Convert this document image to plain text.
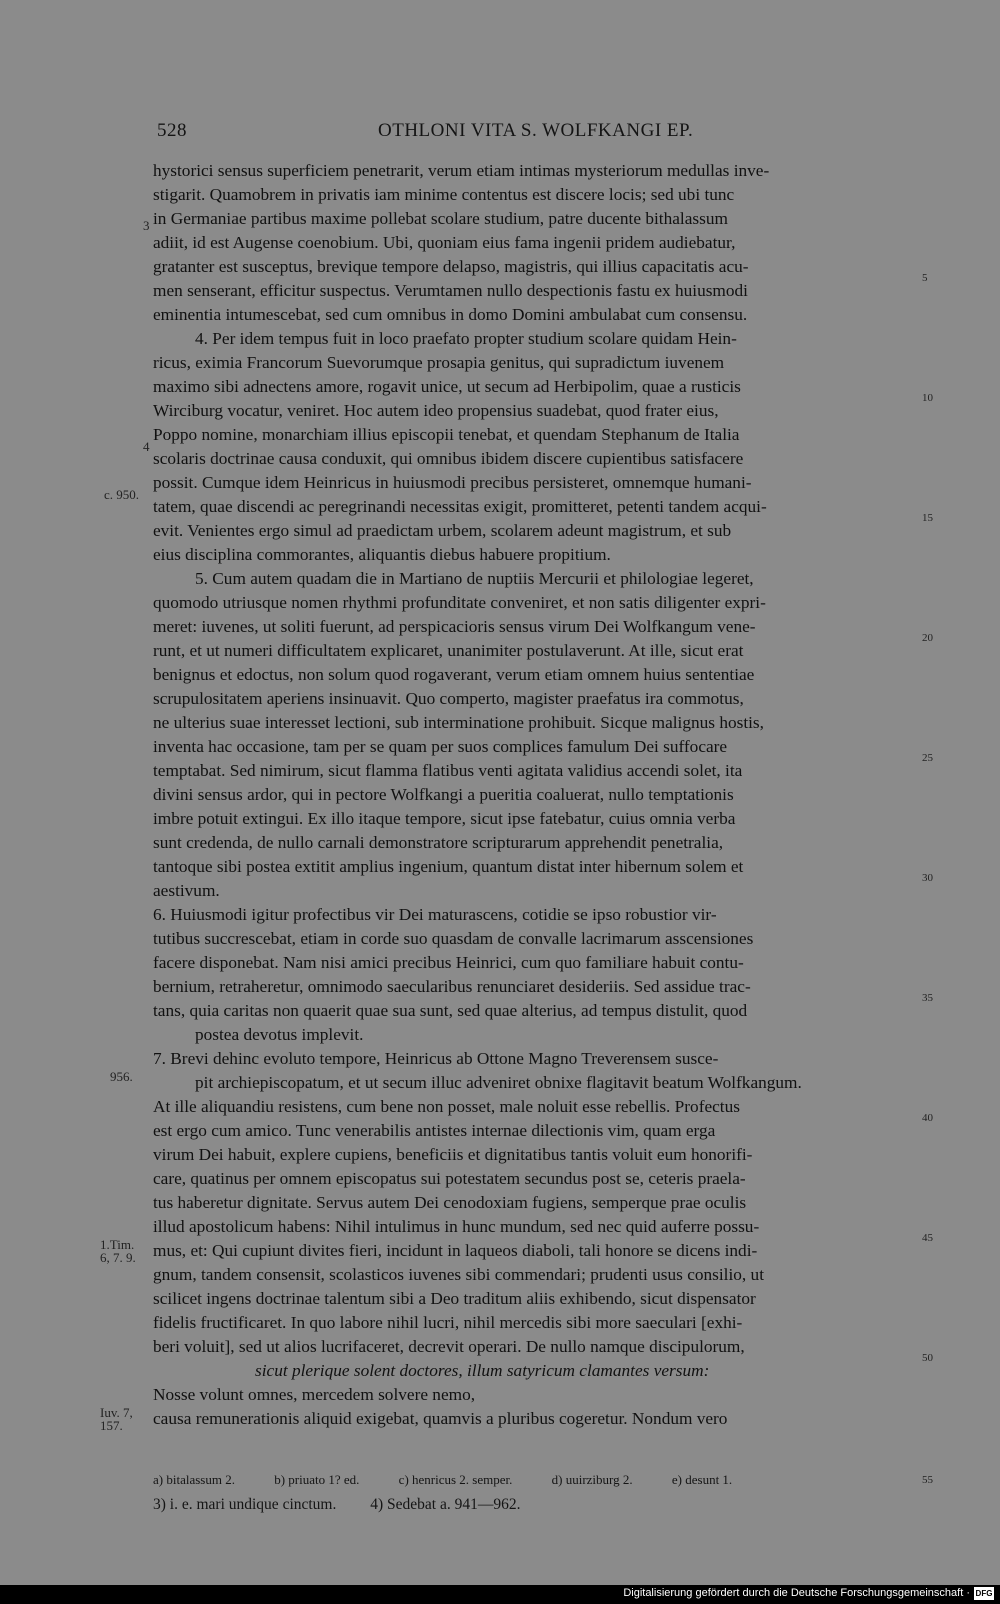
528	OTHLONI VITA S. WOLFKANGI EP.
hystorici sensus superficiem penetrarit, verum etiam intimas mysteriorum medullas inve-
stigarit. Quamobrem in privatis iam minime contentus est discere locis; sed ubi tunc
in Germaniae partibus maxime pollebat scolare studium, patre ducente bithalassum
adiit, id est Augense coenobium. Ubi, quoniam eius fama ingenii pridem audiebatur,
gratanter est susceptus, brevique tempore delapso, magistris, qui illius capacitatis acu-
men senserant, efficitur suspectus. Verumtamen nullo despectionis fastu ex huiusmodi
eminentia intumescebat, sed cum omnibus in domo Domini ambulabat cum consensu.
4. Per idem tempus fuit in loco praefato propter studium scolare quidam Hein-
ricus, eximia Francorum Suevorumque prosapia genitus, qui supradictum iuvenem
maximo sibi adnectens amore, rogavit unice, ut secum ad Herbipolim, quae a rusticis
Wirciburg vocatur, veniret. Hoc autem ideo propensius suadebat, quod frater eius,
Poppo nomine, monarchiam illius episcopii tenebat, et quendam Stephanum de Italia
scolaris doctrinae causa conduxit, qui omnibus ibidem discere cupientibus satisfacere
possit. Cumque idem Heinricus in huiusmodi precibus persisteret, omnemque humani-
tatem, quae discendi ac peregrinandi necessitas exigit, promitteret, petenti tandem acqui-
evit. Venientes ergo simul ad praedictam urbem, scolarem adeunt magistrum, et sub
eius disciplina commorantes, aliquantis diebus habuere propitium.
5. Cum autem quadam die in Martiano de nuptiis Mercurii et philologiae legeret,
quomodo utriusque nomen rhythmi profunditate conveniret, et non satis diligenter expri-
meret: iuvenes, ut soliti fuerunt, ad perspicacioris sensus virum Dei Wolfkangum vene-
runt, et ut numeri difficultatem explicaret, unanimiter postulaverunt. At ille, sicut erat
benignus et edoctus, non solum quod rogaverant, verum etiam omnem huius sententiae
scrupulositatem aperiens insinuavit. Quo comperto, magister praefatus ira commotus,
ne ulterius suae interesset lectioni, sub interminatione prohibuit. Sicque malignus hostis,
inventa hac occasione, tam per se quam per suos complices famulum Dei suffocare
temptabat. Sed nimirum, sicut flamma flatibus venti agitata validius accendi solet, ita
divini sensus ardor, qui in pectore Wolfkangi a pueritia coaluerat, nullo temptationis
imbre potuit extingui. Ex illo itaque tempore, sicut ipse fatebatur, cuius omnia verba
sunt credenda, de nullo carnali demonstratore scripturarum apprehendit penetralia,
tantoque sibi postea extitit amplius ingenium, quantum distat inter hibernum solem et
aestivum.
6. Huiusmodi igitur profectibus vir Dei maturascens, cotidie se ipso robustior vir-
tutibus succrescebat, etiam in corde suo quasdam de convalle lacrimarum asscensiones
facere disponebat. Nam nisi amici precibus Heinrici, cum quo familiare habuit contu-
bernium, retraheretur, omnimodo saecularibus renunciaret desideriis. Sed assidue trac-
tans, quia caritas non quaerit quae sua sunt, sed quae alterius, ad tempus distulit, quod
postea devotus implevit.
7. Brevi dehinc evoluto tempore, Heinricus ab Ottone Magno Treverensem susce-
pit archiepiscopatum, et ut secum illuc adveniret obnixe flagitavit beatum Wolfkangum.
At ille aliquandiu resistens, cum bene non posset, male noluit esse rebellis. Profectus
est ergo cum amico. Tunc venerabilis antistes internae dilectionis vim, quam erga
virum Dei habuit, explere cupiens, beneficiis et dignitatibus tantis voluit eum honorifi-
care, quatinus per omnem episcopatus sui potestatem secundus post se, ceteris praela-
tus haberetur dignitate. Servus autem Dei cenodoxiam fugiens, semperque prae oculis
illud apostolicum habens: Nihil intulimus in hunc mundum, sed nec quid auferre possu-
mus, et: Qui cupiunt divites fieri, incidunt in laqueos diaboli, tali honore se dicens indi-
gnum, tandem consensit, scolasticos iuvenes sibi commendari; prudenti usus consilio, ut
scilicet ingens doctrinae talentum sibi a Deo traditum aliis exhibendo, sicut dispensator
fidelis fructificaret. In quo labore nihil lucri, nihil mercedis sibi more saeculari [exhi-
beri voluit], sed ut alios lucrifaceret, decrevit operari. De nullo namque discipulorum,
sicut plerique solent doctores, illum satyricum clamantes versum:
Nosse volunt omnes, mercedem solvere nemo,
causa remunerationis aliquid exigebat, quamvis a pluribus cogeretur. Nondum vero
5
10
15
20
25
30
35
40
45
50
55
3
4
c. 950.
956.
1.Tim. 6, 7. 9.
Iuv. 7, 157.
a) bitalassum 2.	b) priuato 1? ed.	c) henricus 2. semper.	d) uuirziburg 2.	e) desunt 1.
3) i. e. mari undique cinctum. 4) Sedebat a. 941—962.
Digitalisierung gefördert durch die Deutsche Forschungsgemeinschaft · DFG
